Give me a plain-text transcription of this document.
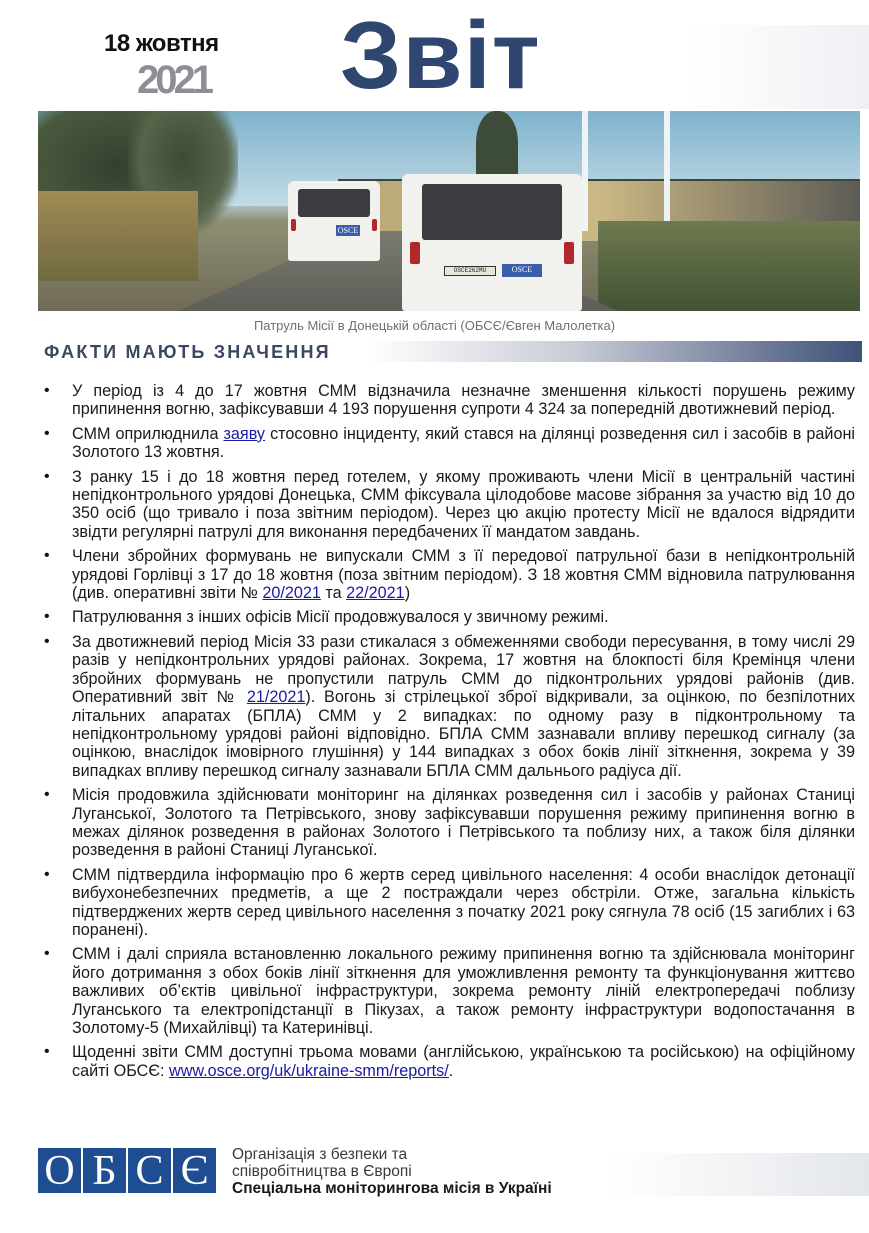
18 жовтня
2021 Звіт
OSCE
OSCE262MU	OSCE
Патруль Місії в Донецькій області (ОБСЄ/Євген Малолетка)
ФАКТИ МАЮТЬ ЗНАЧЕННЯ
• У період із 4 до 17 жовтня СММ відзначила незначне зменшення кількості порушень режиму припинення вогню, зафіксувавши 4 193 порушення супроти 4 324 за попередній двотижневий період.
• СММ оприлюднила заяву стосовно інциденту, який стався на ділянці розведення сил і засобів в районі Золотого 13 жовтня.
• З ранку 15 і до 18 жовтня перед готелем, у якому проживають члени Місії в центральній частині непідконтрольного урядові Донецька, СММ фіксувала цілодобове масове зібрання за участю від 10 до 350 осіб (що тривало і поза звітним періодом). Через цю акцію протесту Місії не вдалося відрядити звідти регулярні патрулі для виконання передбачених її мандатом завдань.
• Члени збройних формувань не випускали СММ з її передової патрульної бази в непідконтрольній урядові Горлівці з 17 до 18 жовтня (поза звітним періодом). З 18 жовтня СММ відновила патрулювання (див. оперативні звіти № 20/2021 та 22/2021)
• Патрулювання з інших офісів Місії продовжувалося у звичному режимі.
• За двотижневий період Місія 33 рази стикалася з обмеженнями свободи пересування, в тому числі 29 разів у непідконтрольних урядові районах. Зокрема, 17 жовтня на блокпості біля Кремінця члени збройних формувань не пропустили патруль СММ до підконтрольних урядові районів (див. Оперативний звіт № 21/2021). Вогонь зі стрілецької зброї відкривали, за оцінкою, по безпілотних літальних апаратах (БПЛА) СММ у 2 випадках: по одному разу в підконтрольному та непідконтрольному урядові районі відповідно. БПЛА СММ зазнавали впливу перешкод сигналу (за оцінкою, внаслідок імовірного глушіння) у 144 випадках з обох боків лінії зіткнення, зокрема у 39 випадках впливу перешкод сигналу зазнавали БПЛА СММ дальнього радіуса дії.
• Місія продовжила здійснювати моніторинг на ділянках розведення сил і засобів у районах Станиці Луганської, Золотого та Петрівського, знову зафіксувавши порушення режиму припинення вогню в межах ділянок розведення в районах Золотого і Петрівського та поблизу них, а також біля ділянки розведення в районі Станиці Луганської.
• СММ підтвердила інформацію про 6 жертв серед цивільного населення: 4 особи внаслідок детонації вибухонебезпечних предметів, а ще 2 постраждали через обстріли. Отже, загальна кількість підтверджених жертв серед цивільного населення з початку 2021 року сягнула 78 осіб (15 загиблих і 63 поранені).
• СММ і далі сприяла встановленню локального режиму припинення вогню та здійснювала моніторинг його дотримання з обох боків лінії зіткнення для уможливлення ремонту та функціонування життєво важливих об’єктів цивільної інфраструктури, зокрема ремонту ліній електропередачі поблизу Луганського та електропідстанції в Пікузах, а також ремонту інфраструктури водопостачання в Золотому-5 (Михайлівці) та Катеринівці.
• Щоденні звіти СММ доступні трьома мовами (англійською, українською та російською) на офіційному сайті ОБСЄ: www.osce.org/uk/ukraine-smm/reports/.
О Б С Є	Організація з безпеки та
співробітництва в Європі
Спеціальна моніторингова місія в Україні
